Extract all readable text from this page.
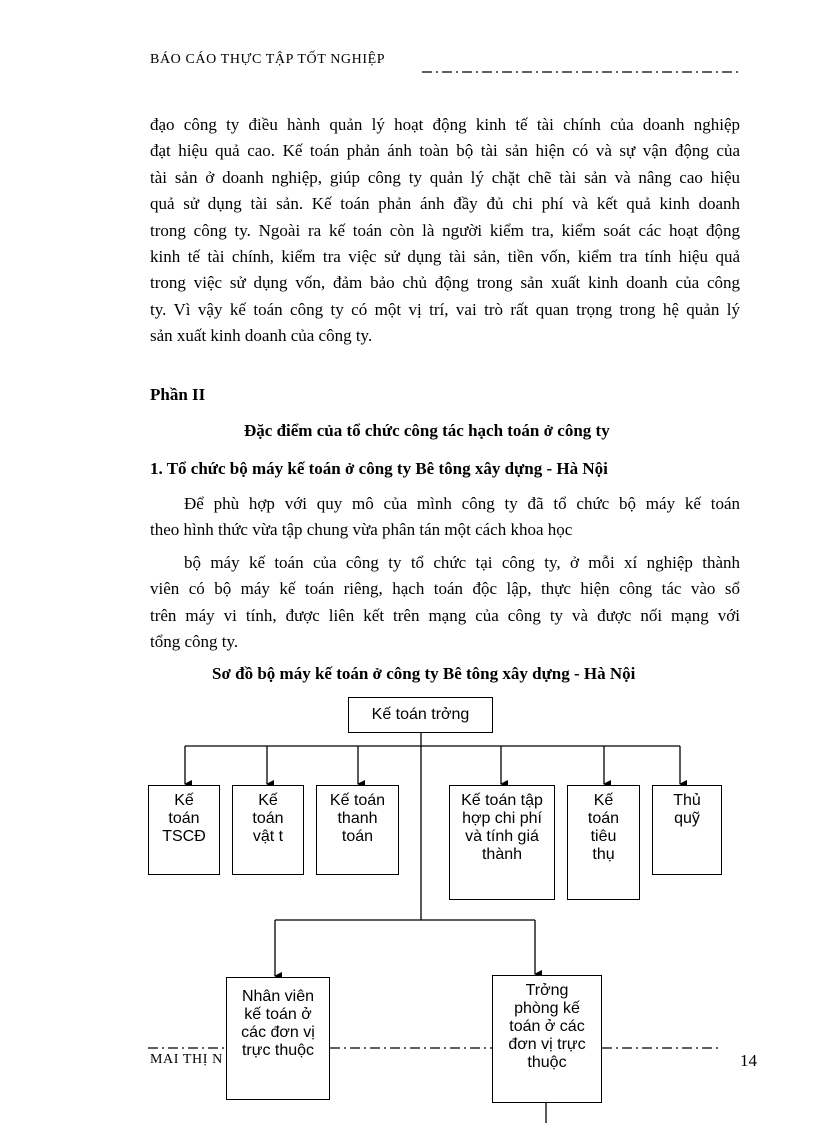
BÁO CÁO THỰC TẬP TỐT NGHIỆP
đạo công ty điều hành quản lý hoạt động kinh tế tài chính của doanh nghiệp
đạt hiệu quả cao. Kế toán phản ánh toàn bộ tài sản hiện có và sự vận động của
tài sản ở doanh nghiệp, giúp công ty quản lý chặt chẽ tài sản và nâng cao hiệu
quả sử dụng tài sản. Kế toán phản ánh đầy đủ chi phí và kết quả kinh doanh
trong công ty. Ngoài ra kế toán còn là người kiểm tra, kiểm soát các hoạt động
kinh tế tài chính, kiểm tra việc sử dụng tài sản, tiền vốn, kiểm tra tính hiệu quả
trong việc sử dụng vốn, đảm bảo chủ động trong sản xuất kinh doanh của công
ty. Vì vậy kế toán công ty có một vị trí, vai trò rất quan trọng trong hệ quản lý
sản xuất kinh doanh của công ty.
Phần II
Đặc điểm của tổ chức công tác hạch toán ở công ty
1. Tổ chức bộ máy kế toán ở công ty Bê tông xây dựng - Hà Nội
Để phù hợp với quy mô của mình công ty đã tổ chức bộ máy kế toán
theo hình thức vừa tập chung vừa phân tán một cách khoa học
bộ máy kế toán của công ty tổ chức tại công ty, ở mỗi xí nghiệp thành
viên có bộ máy kế toán riêng, hạch toán độc lập, thực hiện công tác vào sổ
trên máy vi tính, được liên kết trên mạng của công ty và được nối mạng với
tổng công ty.
Sơ đồ bộ máy kế toán ở công ty Bê tông xây dựng - Hà Nội
Kế toán trởng
Kế
toán
TSCĐ
Kế
toán
vật t
Kế toán
thanh
toán
Kế toán tập
hợp chi phí
và tính giá
thành
Kế
toán
tiêu
thụ
Thủ
quỹ
Nhân viên
kế toán ở
các đơn vị
trực thuộc
Trởng
phòng kế
toán ở các
đơn vị trực
thuộc
MAI THỊ N	14
